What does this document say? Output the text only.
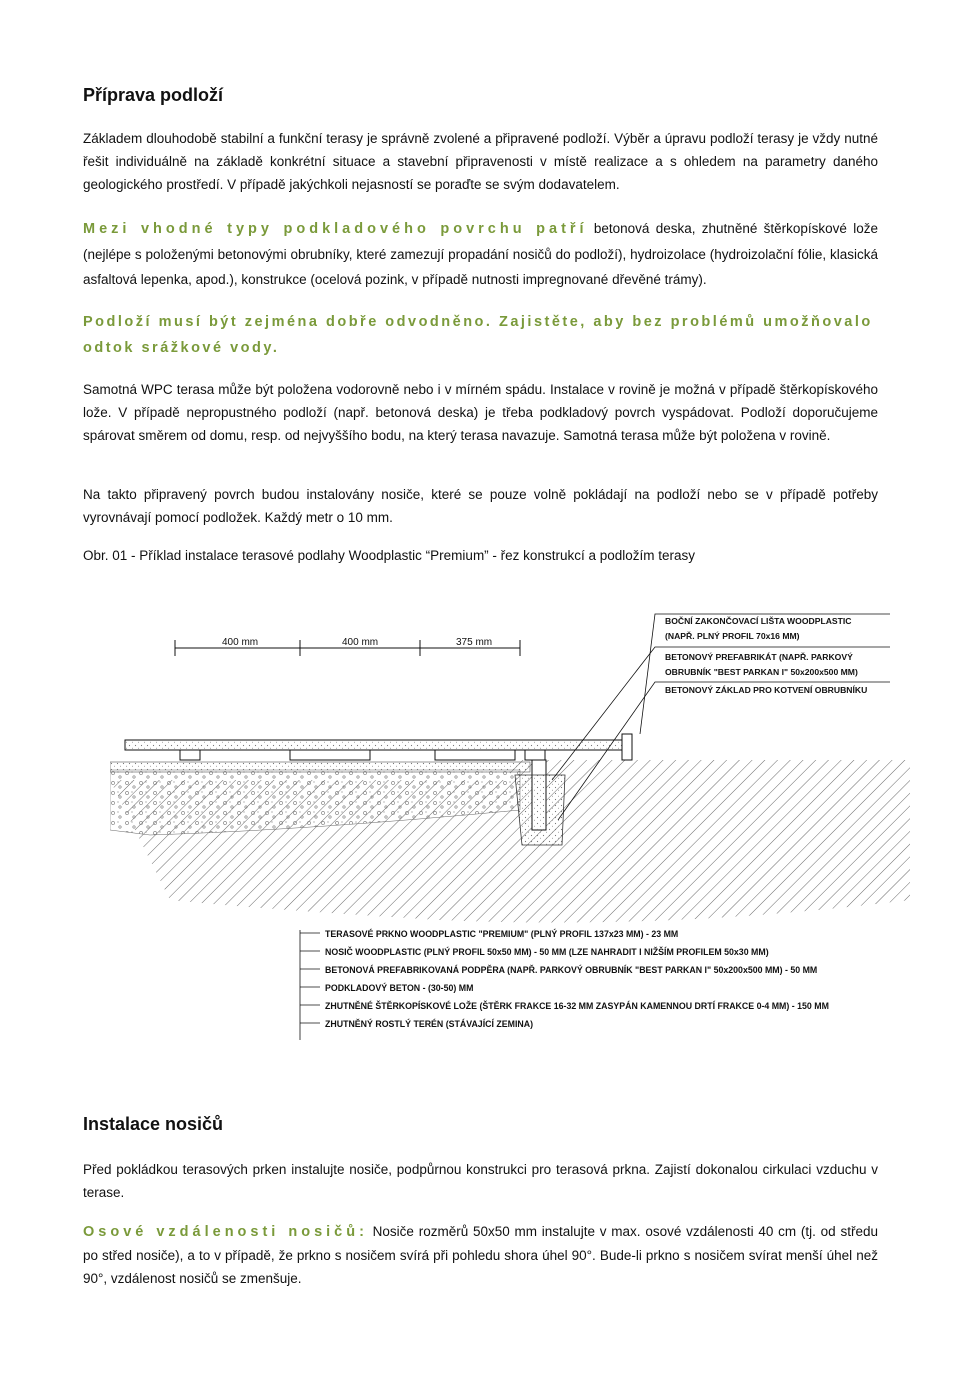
Příprava podloží

Základem dlouhodobě stabilní a funkční terasy je správně zvolené a připravené podloží. Výběr a úpravu podloží terasy je vždy nutné řešit individuálně na základě konkrétní situace a stavební připravenosti v místě realizace a s ohledem na parametry daného geologického prostředí. V případě jakýchkoli nejasností se poraďte se svým dodavatelem.

Mezi vhodné typy podkladového povrchu patří betonová deska, zhutněné štěrkopískové lože (nejlépe s položenými betonovými obrubníky, které zamezují propadání nosičů do podloží), hydroizolace (hydroizolační fólie, klasická asfaltová lepenka, apod.), konstrukce (ocelová pozink, v případě nutnosti impregnované dřevěné trámy).

Podloží musí být zejména dobře odvodněno. Zajistěte, aby bez problémů umožňovalo odtok srážkové vody.

Samotná WPC terasa může být položena vodorovně nebo i v mírném spádu. Instalace v rovině je možná v případě štěrkopískového lože. V případě nepropustného podloží (např. betonová deska) je třeba podkladový povrch vyspádovat. Podloží doporučujeme spárovat směrem od domu, resp. od nejvyššího bodu, na který terasa navazuje. Samotná terasa může být položena v rovině.

Na takto připravený povrch budou instalovány nosiče, které se pouze volně pokládají na podloží nebo se v případě potřeby vyrovnávají pomocí podložek. Každý metr o 10 mm.

Obr. 01 - Příklad instalace terasové podlahy Woodplastic “Premium” - řez konstrukcí a podložím terasy

400 mm	400 mm	375 mm
BOČNÍ ZAKONČOVACÍ LIŠTA WOODPLASTIC
(NAPŘ. PLNÝ PROFIL 70x16 MM)
BETONOVÝ PREFABRIKÁT (NAPŘ. PARKOVÝ
OBRUBNÍK "BEST PARKAN I" 50x200x500 MM)
BETONOVÝ ZÁKLAD PRO KOTVENÍ OBRUBNÍKU
TERASOVÉ PRKNO WOODPLASTIC "PREMIUM" (PLNÝ PROFIL 137x23 MM) - 23 MM
NOSIČ WOODPLASTIC (PLNÝ PROFIL 50x50 MM) - 50 MM (LZE NAHRADIT I NIŽŠÍM PROFILEM 50x30 MM)
BETONOVÁ PREFABRIKOVANÁ PODPĚRA (NAPŘ. PARKOVÝ OBRUBNÍK "BEST PARKAN I" 50x200x500 MM) - 50 MM
PODKLADOVÝ BETON - (30-50) MM
ZHUTNĚNÉ ŠTĚRKOPÍSKOVÉ LOŽE (ŠTĚRK FRAKCE 16-32 MM ZASYPÁN KAMENNOU DRTÍ FRAKCE 0-4 MM) - 150 MM
ZHUTNĚNÝ ROSTLÝ TERÉN (STÁVAJÍCÍ ZEMINA)
Instalace nosičů

Před pokládkou terasových prken instalujte nosiče, podpůrnou konstrukci pro terasová prkna. Zajistí dokonalou cirkulaci vzduchu v terase.

Osové vzdálenosti nosičů: Nosiče rozměrů 50x50 mm instalujte v max. osové vzdálenosti 40 cm (tj. od středu po střed nosiče), a to v případě, že prkno s nosičem svírá při pohledu shora úhel 90°. Bude-li prkno s nosičem svírat menší úhel než 90°, vzdálenost nosičů se zmenšuje.
